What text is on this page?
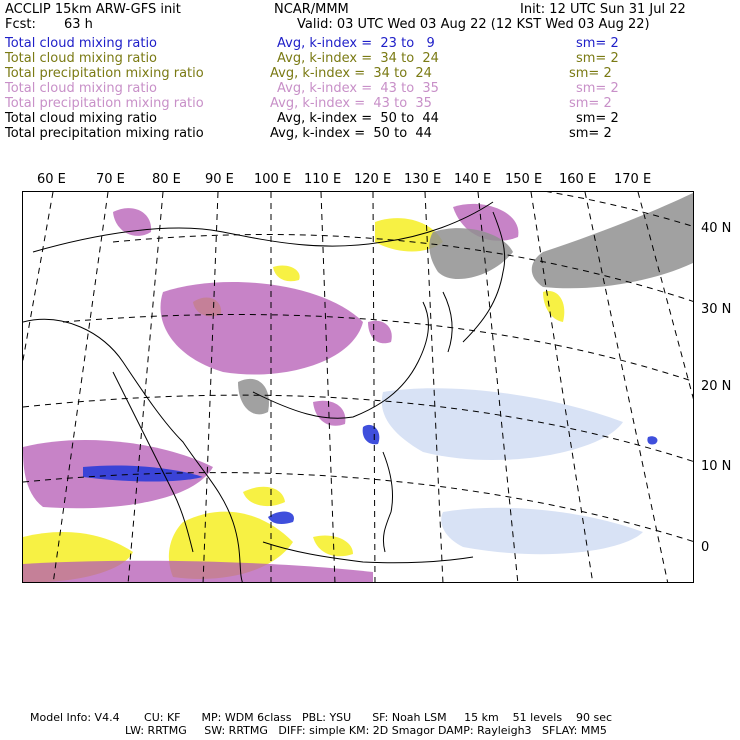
ACCLIP 15km ARW-GFS init	NCAR/MMM	Init: 12 UTC Sun 31 Jul 22
Fcst: 63 h	Valid: 03 UTC Wed 03 Aug 22 (12 KST Wed 03 Aug 22)
Total cloud mixing ratio	Avg, k-index =  23 to   9	sm= 2
Total cloud mixing ratio	Avg, k-index =  34 to  24	sm= 2
Total precipitation mixing ratio	Avg, k-index =  34 to  24	sm= 2
Total cloud mixing ratio	Avg, k-index =  43 to  35	sm= 2
Total precipitation mixing ratio	Avg, k-index =  43 to  35	sm= 2
Total cloud mixing ratio	Avg, k-index =  50 to  44	sm= 2
Total precipitation mixing ratio	Avg, k-index =  50 to  44	sm= 2
60 E 70 E 80 E 90 E 100 E 110 E 120 E 130 E 140 E 150 E 160 E 170 E
40 N
30 N
20 N
10 N
0
Model Info: V4.4       CU: KF      MP: WDM 6class   PBL: YSU      SF: Noah LSM     15 km    51 levels    90 sec
LW: RRTMG     SW: RRTMG   DIFF: simple KM: 2D Smagor DAMP: Rayleigh3   SFLAY: MM5
